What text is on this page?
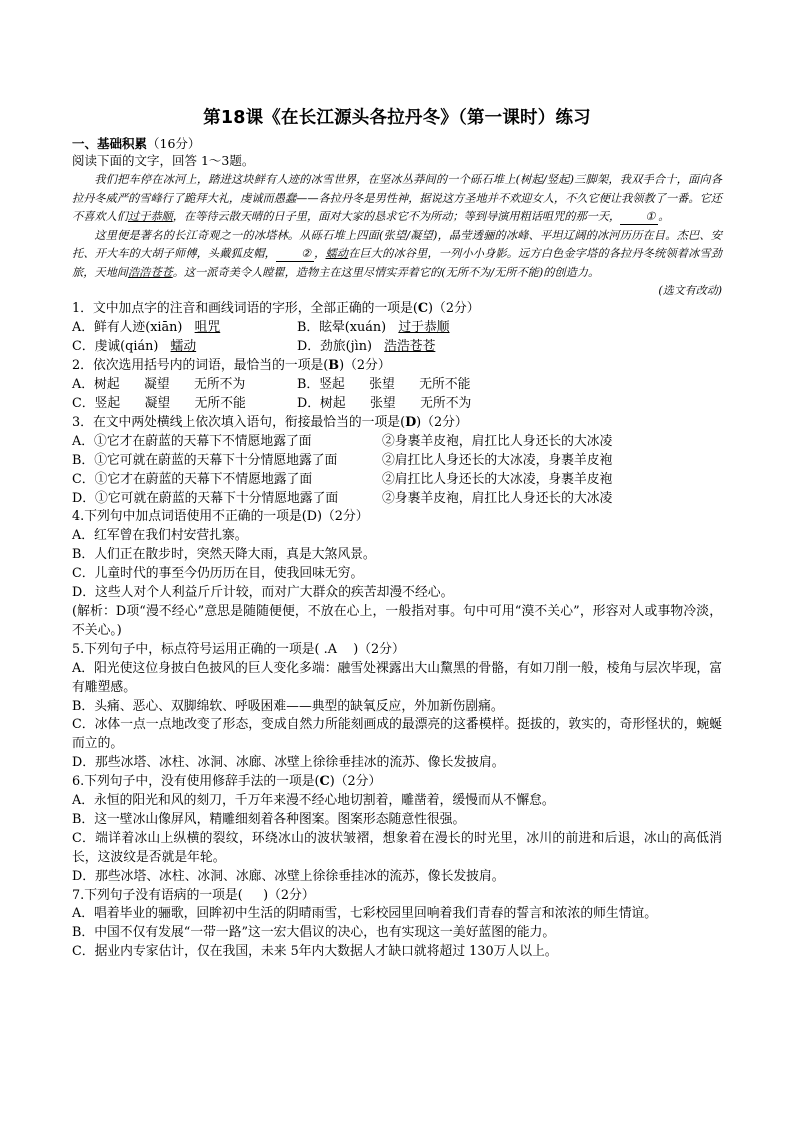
第18课《在长江源头各拉丹冬》（第一课时）练习
一、基础积累（16分）
阅读下面的文字，回答 1～3题。

我们把车停在冰河上，踏进这块鲜有人迹的冰雪世界，在坚冰丛莽间的一个砾石堆上(树起/竖起)三脚架，我双手合十，面向各拉丹冬威严的雪峰行了跪拜大礼，虔诚而愚蠢——各拉丹冬是男性神，据说这方圣地并不欢迎女人，不久它便让我领教了一番。它还不喜欢人们过于恭顺，在等待云散天晴的日子里，面对大家的恳求它不为所动；等到导演用粗话咀咒的那一天， ① 。

这里便是著名的长江奇观之一的冰塔林。从砾石堆上四面(张望/凝望)，晶莹透骊的冰峰、平坦辽阔的冰河历历在目。杰巴、安托、开大车的大胡子师傅，头戴狐皮帽， ② ，蠕动在巨大的冰谷里，一列小小身影。远方白色金字塔的各拉丹冬统领着冰雪劲旅，天地间浩浩苍苍。这一派奇美令人瞠瞿，造物主在这里尽情实弄着它的(无所不为/无所不能)的创造力。

(选文有改动)
1．文中加点字的注音和画线词语的字形，全部正确的一项是(C)（2分）
A．鲜有人迹(xiān) 咀咒	B．眩晕(xuán) 过于恭顺
C．虔诚(qián) 蠕动	D．劲旅(jìn) 浩浩苍苍
2．依次选用括号内的词语，最恰当的一项是(B)（2分）
A．树起 凝望 无所不为	B．竖起 张望 无所不能
C．竖起 凝望 无所不能	D．树起 张望 无所不为
3．在文中两处横线上依次填入语句，衔接最恰当的一项是(D)（2分）
A．①它才在蔚蓝的天幕下不情愿地露了面	②身裹羊皮袍，肩扛比人身还长的大冰凌
B．①它可就在蔚蓝的天幕下十分情愿地露了面	②肩扛比人身还长的大冰凌，身裹羊皮袍
C．①它才在蔚蓝的天幕下不情愿地露了面	②肩扛比人身还长的大冰凌，身裹羊皮袍
D．①它可就在蔚蓝的天幕下十分情愿地露了面	②身裹羊皮袍，肩扛比人身还长的大冰凌
4.下列句中加点词语使用不正确的一项是(D)（2分）
A．红军曾在我们村安营扎寨。
B．人们正在散步时，突然天降大雨，真是大煞风景。
C．儿童时代的事至今仍历历在目，使我回味无穷。
D．这些人对个人利益斤斤计较，而对广大群众的疾苦却漫不经心。
(解析：D项“漫不经心”意思是随随便便，不放在心上，一般指对事。句中可用“漠不关心”，形容对人或事物冷淡，不关心。)
5.下列句子中，标点符号运用正确的一项是( .A )（2分）
A．阳光使这位身披白色披风的巨人变化多端：融雪处裸露出大山黧黑的骨骼，有如刀削一般，棱角与层次毕现，富有雕塑感。
B．头痛、恶心、双脚绵软、呼吸困难——典型的缺氧反应，外加新伤剧痛。
C．冰体一点一点地改变了形态，变成自然力所能刻画成的最漂亮的这番模样。挺拔的，敦实的，奇形怪状的，蜿蜒而立的。
D．那些冰塔、冰柱、冰洞、冰廊、冰壁上徐徐垂挂冰的流苏、像长发披肩。
6.下列句子中，没有使用修辞手法的一项是(C)（2分）
A．永恒的阳光和风的刻刀，千万年来漫不经心地切割着，雕凿着，缓慢而从不懈怠。
B．这一壁冰山像屏风，精雕细刻着各种图案。图案形态随意性很强。
C．端详着冰山上纵横的裂纹，环绕冰山的波状皱褶，想象着在漫长的时光里，冰川的前进和后退，冰山的高低消长，这波纹是否就是年轮。
D．那些冰塔、冰柱、冰洞、冰廊、冰壁上徐徐垂挂冰的流苏，像长发披肩。
7.下列句子没有语病的一项是( )（2分）
A．唱着毕业的骊歌，回眸初中生活的阴晴雨雪，七彩校园里回响着我们青春的誓言和浓浓的师生情谊。
B．中国不仅有发展“一带一路”这一宏大倡议的决心，也有实现这一美好蓝图的能力。
C．据业内专家估计，仅在我国，未来 5年内大数据人才缺口就将超过 130万人以上。
